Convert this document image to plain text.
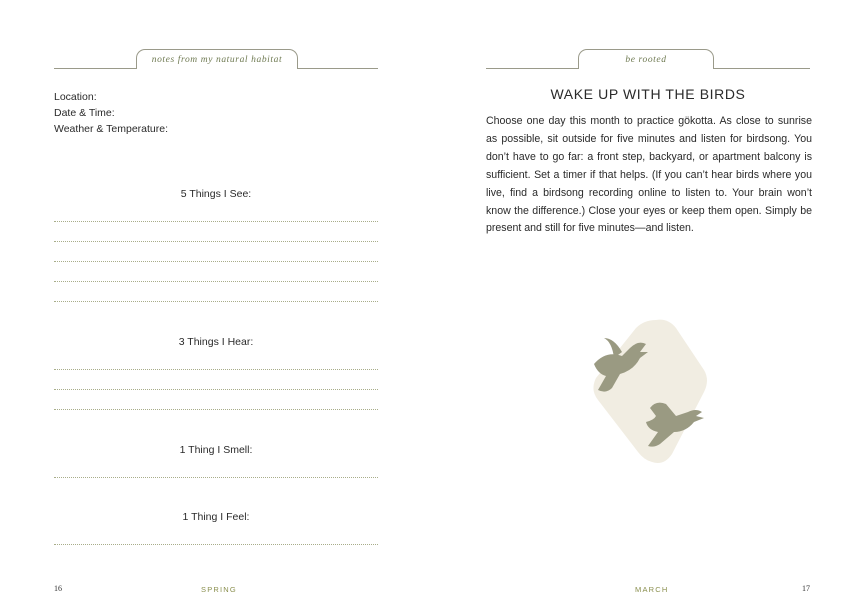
notes from my natural habitat
Location:
Date & Time:
Weather & Temperature:
5 Things I See:
3 Things I Hear:
1 Thing I Smell:
1 Thing I Feel:
16	SPRING
be rooted
WAKE UP WITH THE BIRDS
Choose one day this month to practice gökotta. As close to sunrise as possible, sit outside for five minutes and listen for birdsong. You don’t have to go far: a front step, backyard, or apartment balcony is sufficient. Set a timer if that helps. (If you can’t hear birds where you live, find a birdsong recording online to listen to. Your brain won’t know the difference.) Close your eyes or keep them open. Simply be present and still for five minutes—and listen.
MARCH	17
